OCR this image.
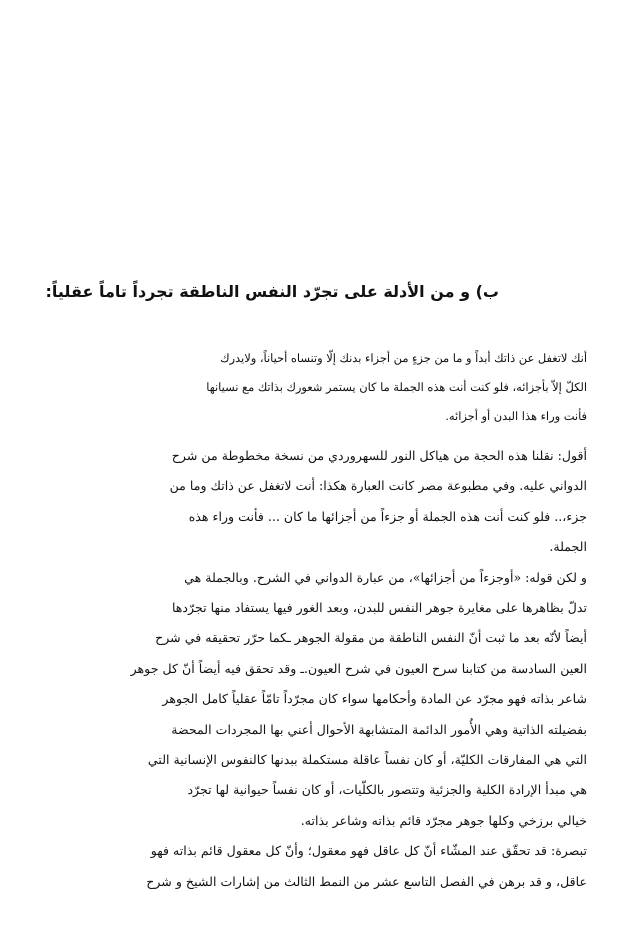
ب) و من الأدلة على تجرّد النفس الناطقة تجرداً تاماً عقلياً:
أنك لاتغفل عن ذاتك أبداً و ما من جزءٍ من أجزاء بدنك إلّا وتنساه أحياناً، ولايدرك
الكلّ إلاّ بأجزائه، فلو كنت أنت هذه الجملة ما كان يستمر شعورك بذاتك مع نسيانها
فأنت وراء هذا البدن أو أجزائه.

أقول: نقلنا هذه الحجة من هياكل النور للسهروردي من نسخة مخطوطة من شرح
الدواني عليه. وفي مطبوعة مصر كانت العبارة هكذا: أنت لاتغفل عن ذاتك وما من
جزء،.. فلو كنت أنت هذه الجملة أو جزءاً من أجزائها ما كان ... فأنت وراء هذه
الجملة.

و لكن قوله: «أوجزءاً من أجزائها»، من عبارة الدواني في الشرح. وبالجملة هي
تدلّ بظاهرها على مغايرة جوهر النفس للبدن، وبعد الغور فيها يستفاد منها تجرّدها
أيضاً لأنّه بعد ما ثبت أنّ النفس الناطقة من مقولة الجوهر ـكما حرّر تحقيقه في شرح
العين السادسة من كتابنا سرح العيون في شرح العيون.ـ وقد تحقق فيه أيضاً أنّ كل جوهر
شاعر بذاته فهو مجرّد عن المادة وأحكامها سواء كان مجرّداً تامّاً عقلياً كامل الجوهر
بفضيلته الذاتية وهي الأُمور الدائمة المتشابهة الأحوال أعني بها المجردات المحضة
التي هي المفارقات الكليّة، أو كان نفساً عاقلة مستكملة ببدنها كالنفوس الإنسانية التي
هي مبدأ الإرادة الكلية والجزئية وتتصور بالكلّيات، أو كان نفساً حيوانية لها تجرّد
خيالي برزخي وكلها جوهر مجرّد قائم بذاته وشاعر بذاته.

تبصرة: قد تحقّق عند المشّاء أنّ كل عاقل فهو معقول؛ وأنّ كل معقول قائم بذاته فهو
عاقل، و قد برهن في الفصل التاسع عشر من النمط الثالث من إشارات الشيخ و شرح
